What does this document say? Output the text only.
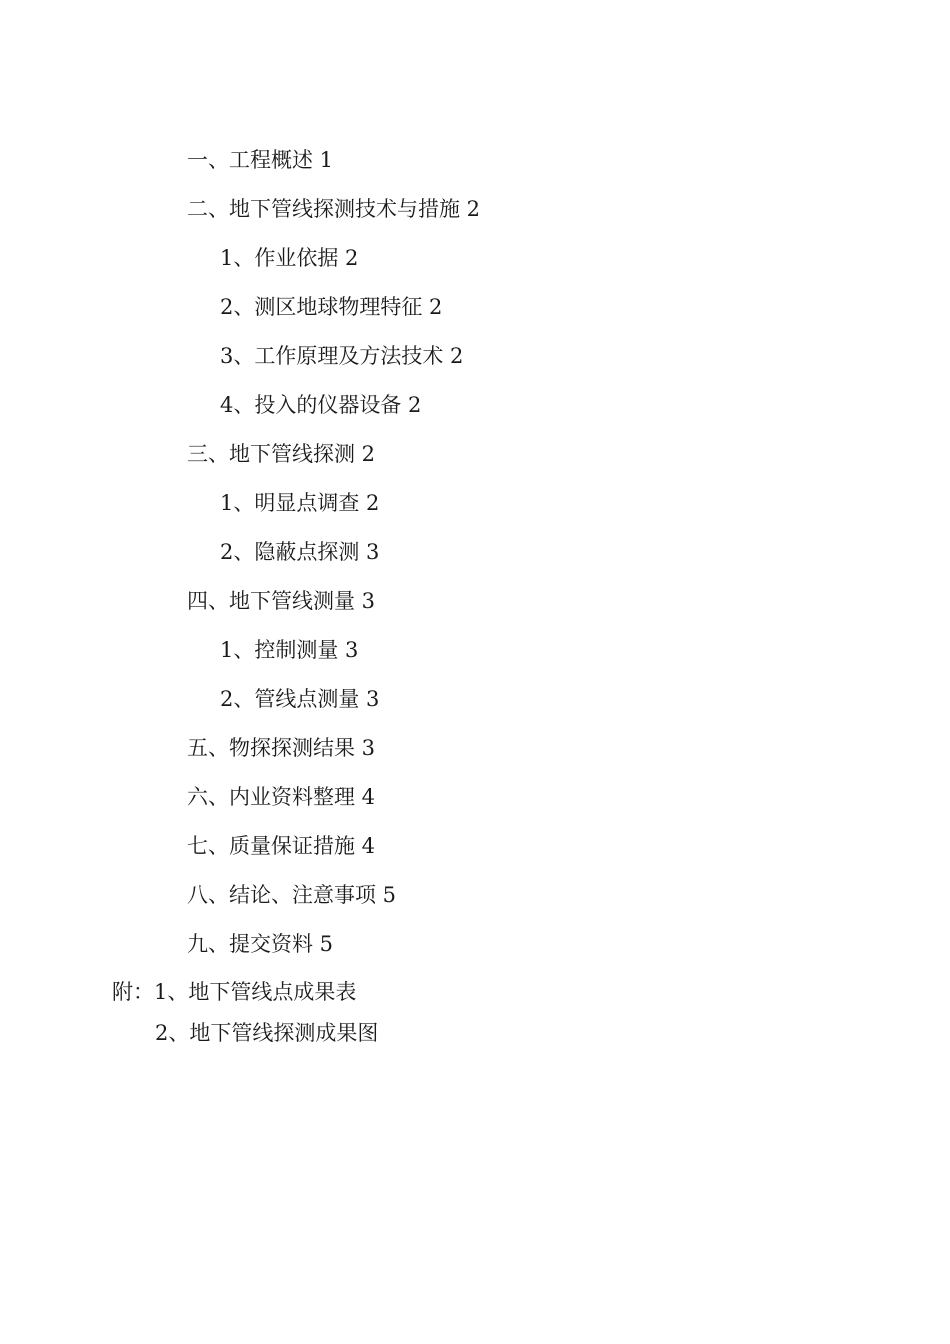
一、工程概述 1
二、地下管线探测技术与措施 2
1、作业依据 2
2、测区地球物理特征 2
3、工作原理及方法技术 2
4、投入的仪器设备 2
三、地下管线探测 2
1、明显点调查 2
2、隐蔽点探测 3
四、地下管线测量 3
1、控制测量 3
2、管线点测量 3
五、物探探测结果 3
六、内业资料整理 4
七、质量保证措施 4
八、结论、注意事项 5
九、提交资料 5
附：1、地下管线点成果表
2、地下管线探测成果图
